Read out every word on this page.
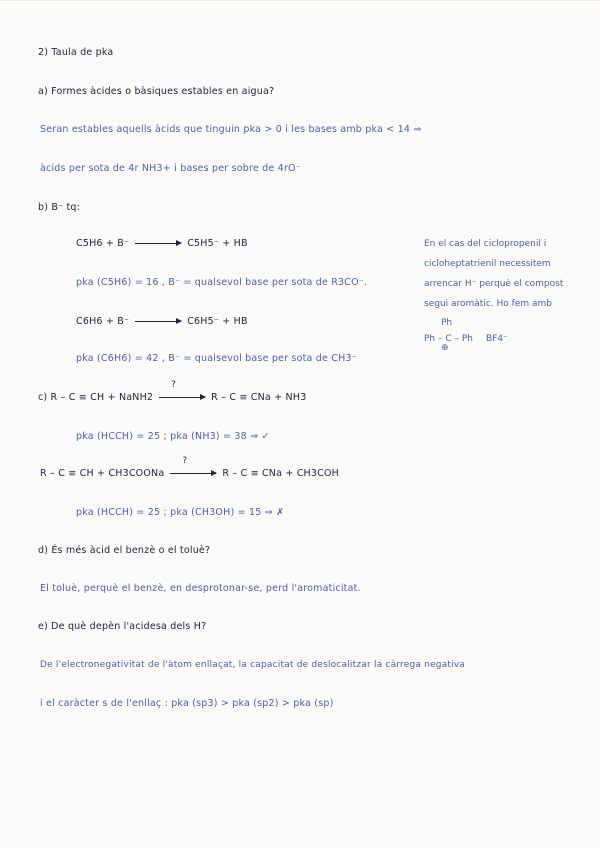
2) Taula de pka
a) Formes àcides o bàsiques estables en aigua?
Seran estables aquells àcids que tinguin pka > 0 i les bases amb pka < 14 ⇒
àcids per sota de 4r NH3+ i bases per sobre de 4rO⁻
b) B⁻ tq:
C5H6 + B⁻	C5H5⁻ + HB
pka (C5H6) = 16 , B⁻ = qualsevol base per sota de R3CO⁻.
C6H6 + B⁻	C6H5⁻ + HB
pka (C6H6) = 42 , B⁻ = qualsevol base per sota de CH3⁻
En el cas del ciclopropenil i
cicloheptatrienil necessitem
arrencar H⁻ perquè el compost
segui aromàtic. Ho fem amb
Ph
Ph – C – Ph
⊕
BF4⁻
c) R – C ≡ CH + NaNH2
?
R – C ≡ CNa + NH3
pka (HCCH) = 25 ; pka (NH3) = 38 ⇒ ✓
R – C ≡ CH + CH3COONa
?
R – C ≡ CNa + CH3COH
pka (HCCH) = 25 ; pka (CH3OH) = 15 ⇒ ✗
d) És més àcid el benzè o el toluè?
El toluè, perquè el benzè, en desprotonar-se, perd l'aromaticitat.
e) De què depèn l'acidesa dels H?
De l'electronegativitat de l'àtom enllaçat, la capacitat de deslocalitzar la càrrega negativa
i el caràcter s de l'enllaç : pka (sp3) > pka (sp2) > pka (sp)
